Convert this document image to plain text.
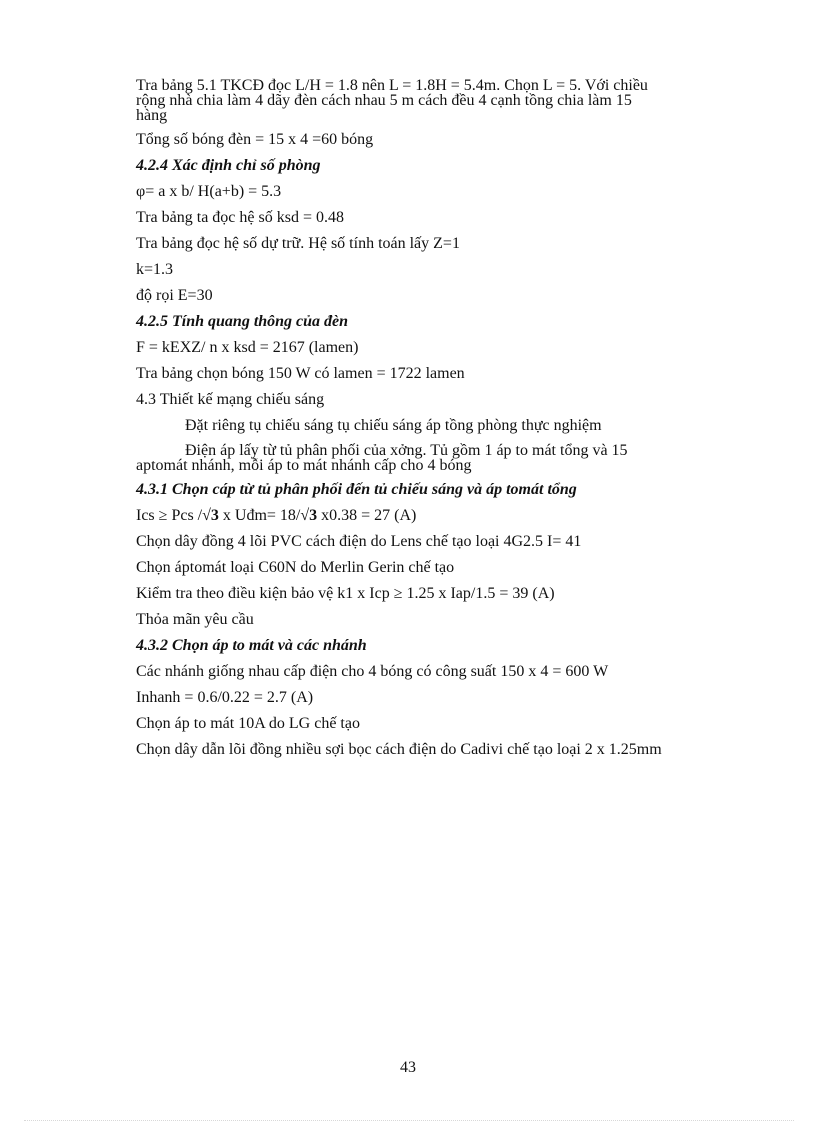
Tra bảng 5.1 TKCĐ đọc L/H = 1.8 nên L = 1.8H = 5.4m. Chọn L = 5. Với chiều
rộng nhà chia làm 4 dãy đèn cách nhau 5 m cách đều 4 cạnh tồng chia làm 15
hàng

Tổng số bóng đèn = 15 x 4 =60 bóng

4.2.4 Xác định chỉ số phòng

φ= a x b/ H(a+b) = 5.3

Tra bảng ta đọc hệ số ksd = 0.48

Tra bảng đọc hệ số dự trữ. Hệ số tính toán lấy Z=1

k=1.3

độ rọi E=30

4.2.5 Tính quang thông của đèn

F = kEXZ/ n x ksd = 2167 (lamen)

Tra bảng chọn bóng 150 W có lamen = 1722 lamen

4.3 Thiết kế mạng chiếu sáng

Đặt riêng tụ chiếu sáng tụ chiếu sáng áp tồng phòng thực nghiệm

Điện áp lấy từ tủ phân phối của xởng. Tủ gồm 1 áp to mát tổng và 15
aptomát nhánh, mỗi áp to mát nhánh cấp cho 4 bóng

4.3.1 Chọn cáp từ tủ phân phối đến tủ chiếu sáng và áp tomát tổng

Ics ≥ Pcs /√3 x Uđm= 18/√3 x0.38 = 27 (A)

Chọn dây đồng 4 lõi PVC cách điện do Lens chế tạo loại 4G2.5 I= 41

Chọn áptomát loại C60N do Merlin Gerin chế tạo

Kiểm tra theo điều kiện bảo vệ k1 x Icp ≥ 1.25 x Iap/1.5 = 39 (A)

Thỏa mãn yêu cầu

4.3.2 Chọn áp to mát và các nhánh

Các nhánh giống nhau cấp điện cho 4 bóng có công suất 150 x 4 = 600 W

Inhanh = 0.6/0.22 = 2.7 (A)

Chọn áp to mát 10A do LG chế tạo

Chọn dây dẫn lõi đồng nhiều sợi bọc cách điện do Cadivi chế tạo loại 2 x 1.25mm

43
